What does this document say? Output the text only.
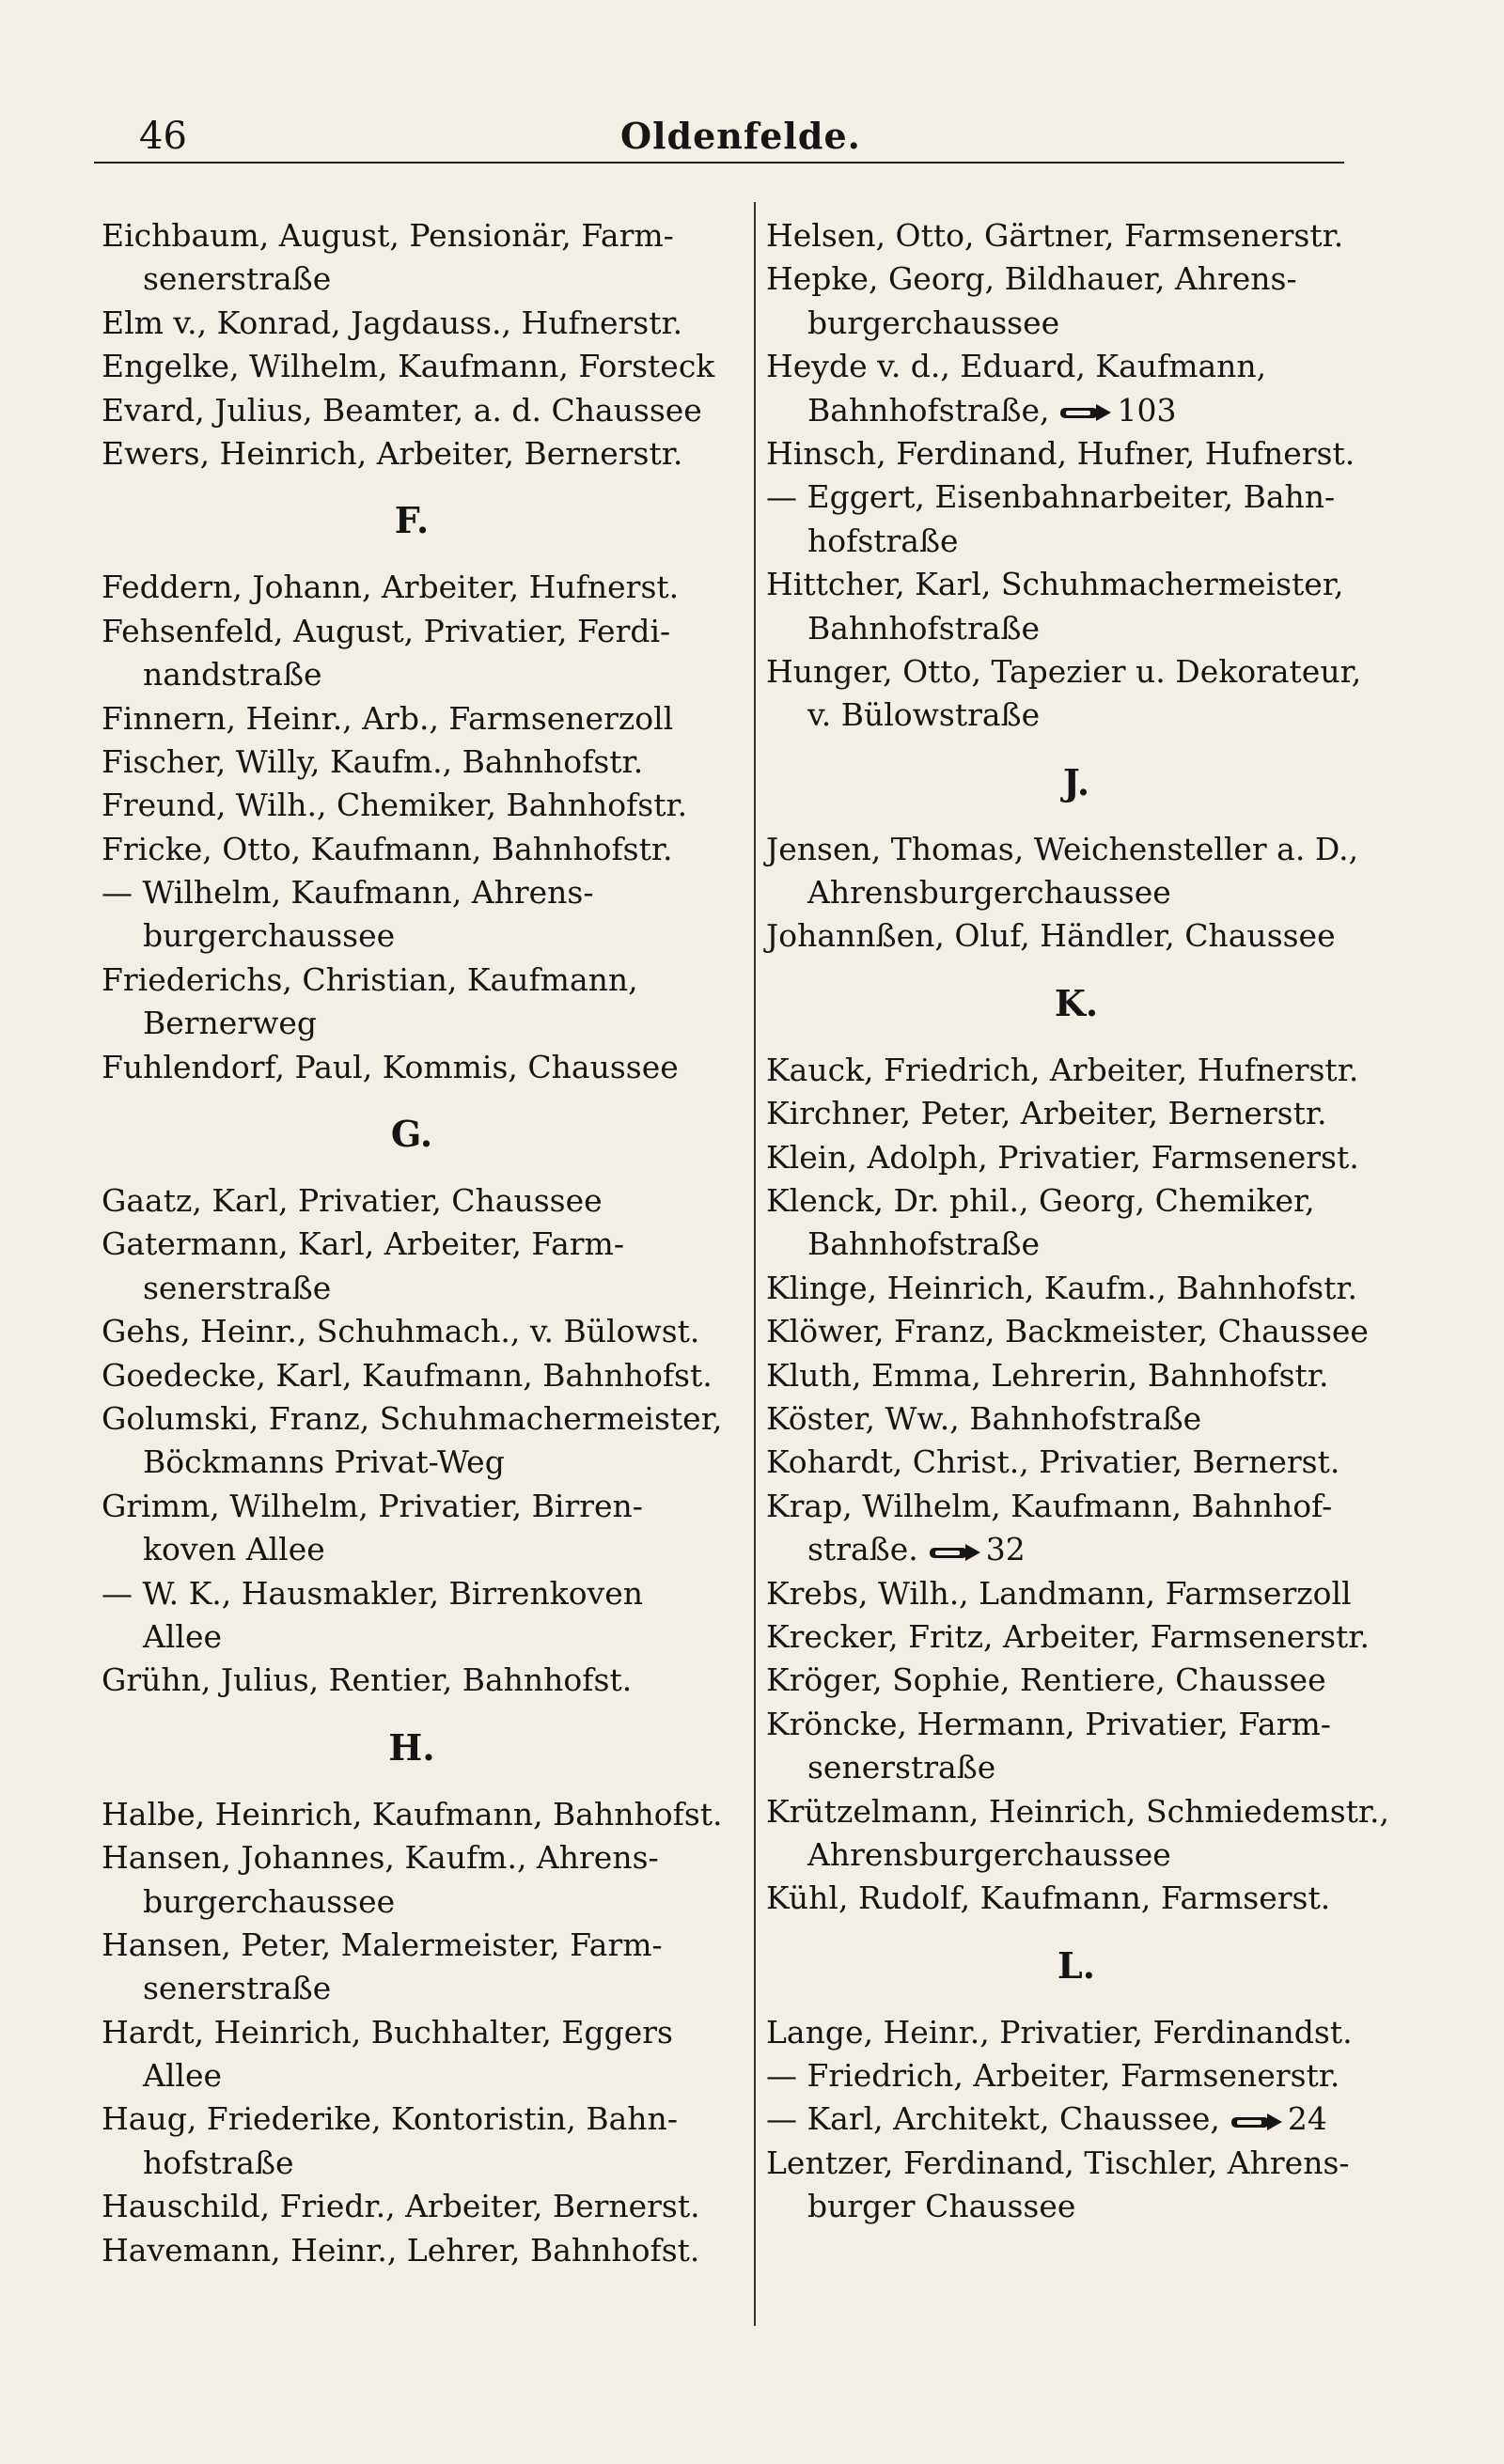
46	Oldenfelde.
Eichbaum, August, Pensionär, Farm-
senerstraße
Elm v., Konrad, Jagdauss., Hufnerstr.
Engelke, Wilhelm, Kaufmann, Forsteck
Evard, Julius, Beamter, a. d. Chaussee
Ewers, Heinrich, Arbeiter, Bernerstr.
F.
Feddern, Johann, Arbeiter, Hufnerst.
Fehsenfeld, August, Privatier, Ferdi-
nandstraße
Finnern, Heinr., Arb., Farmsenerzoll
Fischer, Willy, Kaufm., Bahnhofstr.
Freund, Wilh., Chemiker, Bahnhofstr.
Fricke, Otto, Kaufmann, Bahnhofstr.
— Wilhelm, Kaufmann, Ahrens-
burgerchaussee
Friederichs, Christian, Kaufmann,
Bernerweg
Fuhlendorf, Paul, Kommis, Chaussee
G.
Gaatz, Karl, Privatier, Chaussee
Gatermann, Karl, Arbeiter, Farm-
senerstraße
Gehs, Heinr., Schuhmach., v. Bülowst.
Goedecke, Karl, Kaufmann, Bahnhofst.
Golumski, Franz, Schuhmachermeister,
Böckmanns Privat-Weg
Grimm, Wilhelm, Privatier, Birren-
koven Allee
— W. K., Hausmakler, Birrenkoven
Allee
Grühn, Julius, Rentier, Bahnhofst.
H.
Halbe, Heinrich, Kaufmann, Bahnhofst.
Hansen, Johannes, Kaufm., Ahrens-
burgerchaussee
Hansen, Peter, Malermeister, Farm-
senerstraße
Hardt, Heinrich, Buchhalter, Eggers
Allee
Haug, Friederike, Kontoristin, Bahn-
hofstraße
Hauschild, Friedr., Arbeiter, Bernerst.
Havemann, Heinr., Lehrer, Bahnhofst.
Helsen, Otto, Gärtner, Farmsenerstr.
Hepke, Georg, Bildhauer, Ahrens-
burgerchaussee
Heyde v. d., Eduard, Kaufmann,
Bahnhofstraße, 103
Hinsch, Ferdinand, Hufner, Hufnerst.
— Eggert, Eisenbahnarbeiter, Bahn-
hofstraße
Hittcher, Karl, Schuhmachermeister,
Bahnhofstraße
Hunger, Otto, Tapezier u. Dekorateur,
v. Bülowstraße
J.
Jensen, Thomas, Weichensteller a. D.,
Ahrensburgerchaussee
Johannßen, Oluf, Händler, Chaussee
K.
Kauck, Friedrich, Arbeiter, Hufnerstr.
Kirchner, Peter, Arbeiter, Bernerstr.
Klein, Adolph, Privatier, Farmsenerst.
Klenck, Dr. phil., Georg, Chemiker,
Bahnhofstraße
Klinge, Heinrich, Kaufm., Bahnhofstr.
Klöwer, Franz, Backmeister, Chaussee
Kluth, Emma, Lehrerin, Bahnhofstr.
Köster, Ww., Bahnhofstraße
Kohardt, Christ., Privatier, Bernerst.
Krap, Wilhelm, Kaufmann, Bahnhof-
straße. 32
Krebs, Wilh., Landmann, Farmserzoll
Krecker, Fritz, Arbeiter, Farmsenerstr.
Kröger, Sophie, Rentiere, Chaussee
Kröncke, Hermann, Privatier, Farm-
senerstraße
Krützelmann, Heinrich, Schmiedemstr.,
Ahrensburgerchaussee
Kühl, Rudolf, Kaufmann, Farmserst.
L.
Lange, Heinr., Privatier, Ferdinandst.
— Friedrich, Arbeiter, Farmsenerstr.
— Karl, Architekt, Chaussee, 24
Lentzer, Ferdinand, Tischler, Ahrens-
burger Chaussee
